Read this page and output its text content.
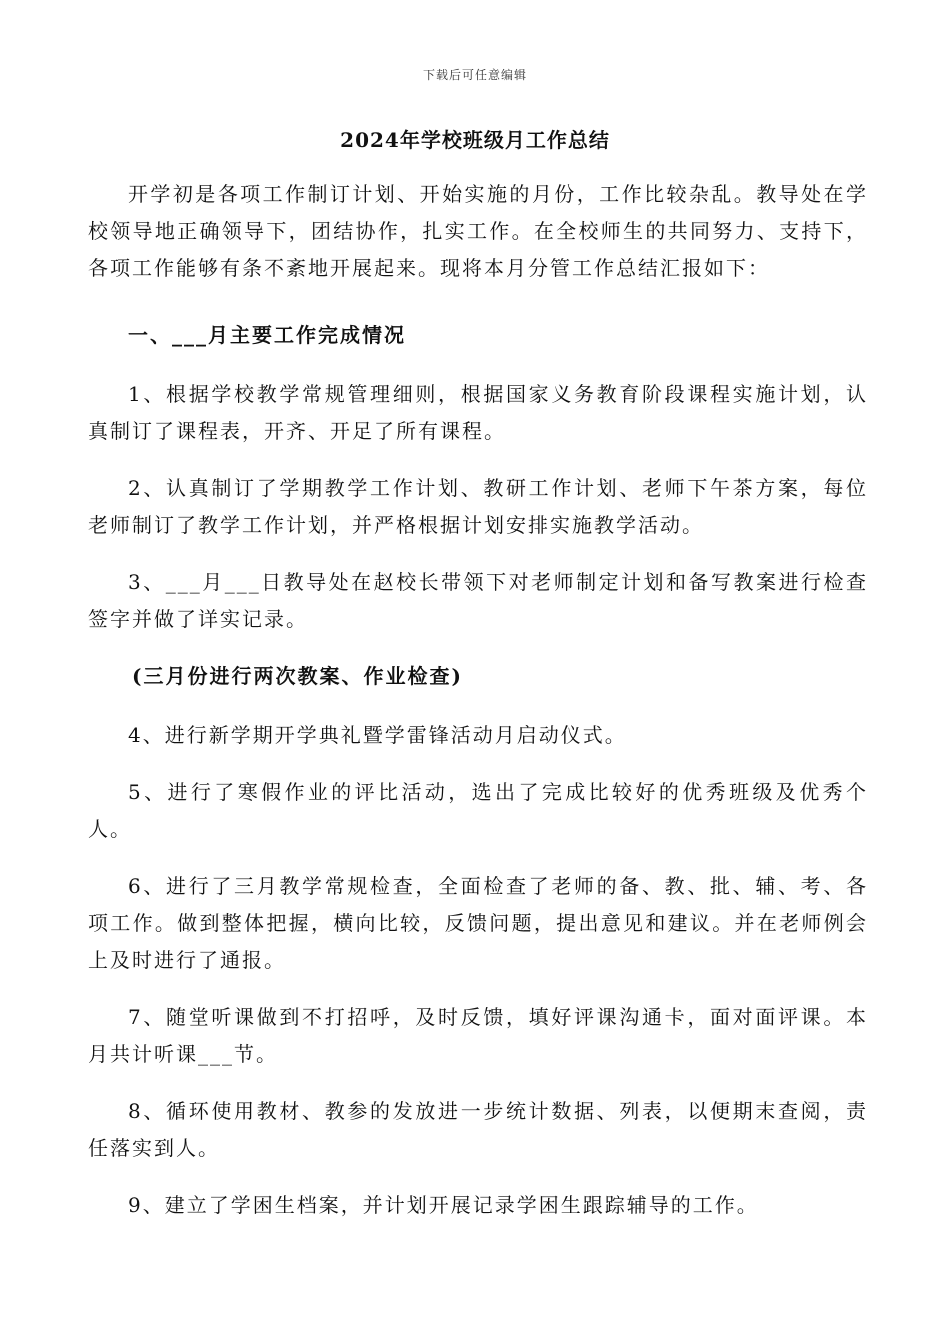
下载后可任意编辑
2024年学校班级月工作总结

开学初是各项工作制订计划、开始实施的月份，工作比较杂乱。教导处在学校领导地正确领导下，团结协作，扎实工作。在全校师生的共同努力、支持下，各项工作能够有条不紊地开展起来。现将本月分管工作总结汇报如下：

一、___月主要工作完成情况

1、根据学校教学常规管理细则，根据国家义务教育阶段课程实施计划，认真制订了课程表，开齐、开足了所有课程。

2、认真制订了学期教学工作计划、教研工作计划、老师下午茶方案，每位老师制订了教学工作计划，并严格根据计划安排实施教学活动。

3、___月___日教导处在赵校长带领下对老师制定计划和备写教案进行检查签字并做了详实记录。

(三月份进行两次教案、作业检查)

4、进行新学期开学典礼暨学雷锋活动月启动仪式。

5、进行了寒假作业的评比活动，选出了完成比较好的优秀班级及优秀个人。

6、进行了三月教学常规检查，全面检查了老师的备、教、批、辅、考、各项工作。做到整体把握，横向比较，反馈问题，提出意见和建议。并在老师例会上及时进行了通报。

7、随堂听课做到不打招呼，及时反馈，填好评课沟通卡，面对面评课。本月共计听课___节。

8、循环使用教材、教参的发放进一步统计数据、列表，以便期末查阅，责任落实到人。

9、建立了学困生档案，并计划开展记录学困生跟踪辅导的工作。
